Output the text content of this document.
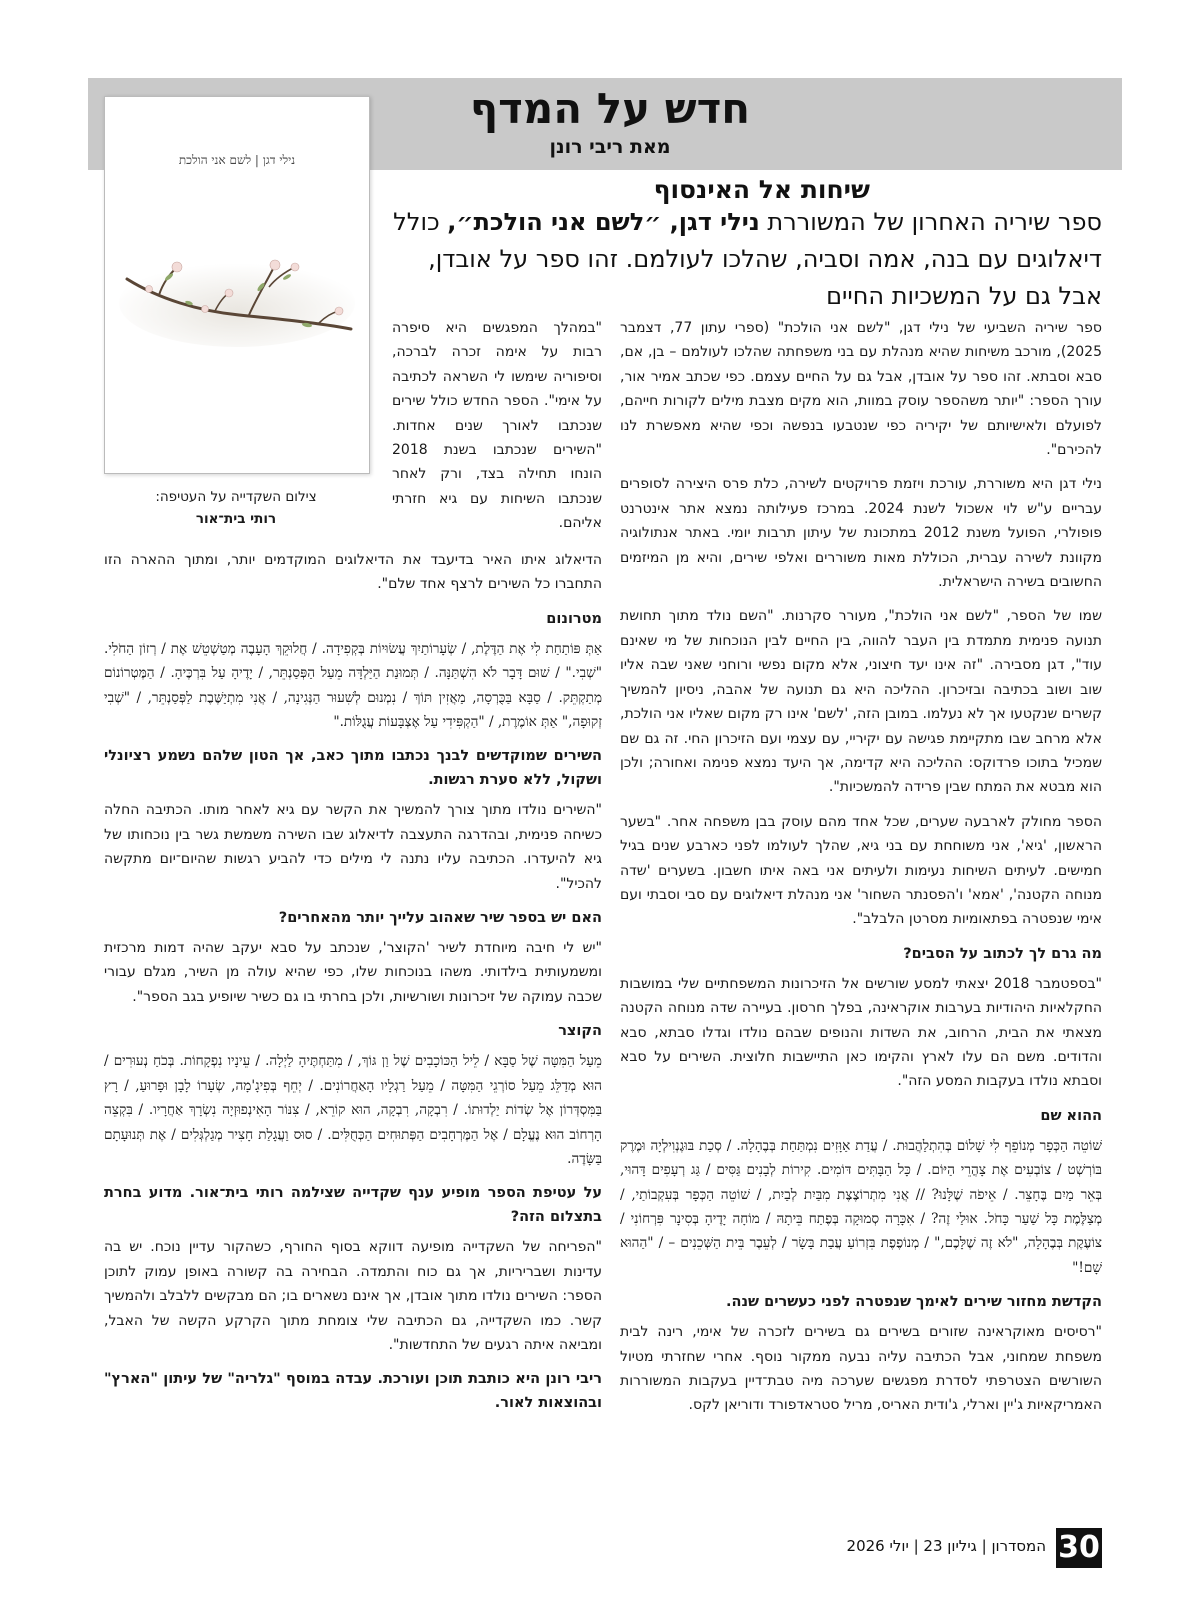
חדש על המדף
מאת ריבי רונן
נילי דגן | לשם אני הולכת
צילום השקדייה על העטיפה:
רותי בית־אור
שיחות אל האינסוף

ספר שיריה האחרון של המשוררת נילי דגן, ״לשם אני הולכת״, כולל דיאלוגים עם בנה, אמה וסביה, שהלכו לעולמם. זהו ספר על אובדן, אבל גם על המשכיות החיים

ספר שיריה השביעי של נילי דגן, "לשם אני הולכת" (ספרי עתון 77, דצמבר 2025), מורכב משיחות שהיא מנהלת עם בני משפחתה שהלכו לעולמם – בן, אם, סבא וסבתא. זהו ספר על אובדן, אבל גם על החיים עצמם. כפי שכתב אמיר אור, עורך הספר: "יותר משהספר עוסק במוות, הוא מקים מצבת מילים לקורות חייהם, לפועלם ולאישיותם של יקיריה כפי שנטבעו בנפשה וכפי שהיא מאפשרת לנו להכירם".

נילי דגן היא משוררת, עורכת ויזמת פרויקטים לשירה, כלת פרס היצירה לסופרים עבריים ע"ש לוי אשכול לשנת 2024. במרכז פעילותה נמצא אתר אינטרנט פופולרי, הפועל משנת 2012 במתכונת של עיתון תרבות יומי. באתר אנתולוגיה מקוונת לשירה עברית, הכוללת מאות משוררים ואלפי שירים, והיא מן המיזמים החשובים בשירה הישראלית.

שמו של הספר, "לשם אני הולכת", מעורר סקרנות. "השם נולד מתוך תחושת תנועה פנימית מתמדת בין העבר להווה, בין החיים לבין הנוכחות של מי שאינם עוד", דגן מסבירה. "זה אינו יעד חיצוני, אלא מקום נפשי ורוחני שאני שבה אליו שוב ושוב בכתיבה ובזיכרון. ההליכה היא גם תנועה של אהבה, ניסיון להמשיך קשרים שנקטעו אך לא נעלמו. במובן הזה, 'לשם' אינו רק מקום שאליו אני הולכת, אלא מרחב שבו מתקיימת פגישה עם יקיריי, עם עצמי ועם הזיכרון החי. זה גם שם שמכיל בתוכו פרדוקס: ההליכה היא קדימה, אך היעד נמצא פנימה ואחורה; ולכן הוא מבטא את המתח שבין פרידה להמשכיות".

הספר מחולק לארבעה שערים, שכל אחד מהם עוסק בבן משפחה אחר. "בשער הראשון, 'גיא', אני משוחחת עם בני גיא, שהלך לעולמו לפני כארבע שנים בגיל חמישים. לעיתים השיחות נעימות ולעיתים אני באה איתו חשבון. בשערים 'שדה מנוחה הקטנה', 'אמא' ו'הפסנתר השחור' אני מנהלת דיאלוגים עם סבי וסבתי ועם אימי שנפטרה בפתאומיות מסרטן הלבלב".

מה גרם לך לכתוב על הסבים?

"בספטמבר 2018 יצאתי למסע שורשים אל הזיכרונות המשפחתיים שלי במושבות החקלאיות היהודיות בערבות אוקראינה, בפלך חרסון. בעיירה שדה מנוחה הקטנה מצאתי את הבית, הרחוב, את השדות והנופים שבהם נולדו וגדלו סבתא, סבא והדודים. משם הם עלו לארץ והקימו כאן התיישבות חלוצית. השירים על סבא וסבתא נולדו בעקבות המסע הזה".

ההוא שם

שׁוֹטֵה הַכְּפָר מְנוֹפֵף לִי שָׁלוֹם בְּהִתְלַהֲבוּת. / עֲדַת אַוָּזִים נִמְתַּחַת בְּבֶהָלָה. / סְכַת בּוּגֶנְוִילְיָה וּמֶרֶק בּוֹרְשְׁט / צוֹבְעִים אֶת צָהֳרֵי הַיּוֹם. / כָּל הַבָּתִּים דּוֹמִים. קִירוֹת לְבָנִים גַּסִּים / גַּג רְעָפִים דָּהוּי, בְּאֵר מַיִם בֶּחָצֵר. / אֵיפֹה שֶׁלָּנוּ? // אֲנִי מִתְרוֹצֶצֶת מִבַּיִת לְבַיִת, / שׁוֹטֵה הַכְּפָר בְּעִקְבוֹתַי, / מְצַלֶּמֶת כָּל שַׁעַר כָּחֹל. אוּלַי זֶה? / אִכָּרָה סְמוּקָה בְּפֶתַח בֵּיתָהּ / מוֹחָה יָדֶיהָ בְּסִינָר פִּרְחוֹנִי / צוֹעֶקֶת בְּבֶהָלָה, "לֹא זֶה שֶׁלָּכֶם," / מְנוֹפֶפֶת בִּזְרוֹעַ עֲבַת בָּשָׂר / לְעֵבֶר בֵּית הַשְּׁכֵנִים – / "הַהוּא שָׁם!"

הקדשת מחזור שירים לאימך שנפטרה לפני כעשרים שנה.

"רסיסים מאוקראינה שזורים בשירים גם בשירים לזכרה של אימי, רינה לבית משפחת שמחוני, אבל הכתיבה עליה נבעה ממקור נוסף. אחרי שחזרתי מטיול השורשים הצטרפתי לסדרת מפגשים שערכה מיה טבת־דיין בעקבות המשוררות האמריקאיות ג'יין וארלי, ג'ודית האריס, מריל סטראדפורד ודוריאן לקס.

"במהלך המפגשים היא סיפרה רבות על אימה זכרה לברכה, וסיפוריה שימשו לי השראה לכתיבה על אימי". הספר החדש כולל שירים שנכתבו לאורך שנים אחדות. "השירים שנכתבו בשנת 2018 הונחו תחילה בצד, ורק לאחר שנכתבו השיחות עם גיא חזרתי אליהם.

הדיאלוג איתו האיר בדיעבד את הדיאלוגים המוקדמים יותר, ומתוך ההארה הזו התחברו כל השירים לרצף אחד שלם".

מטרונום

אַתְּ פּוֹתַחַת לִי אֶת הַדֶּלֶת, / שְׂעָרוֹתַיִךְ עֲשׂוּיוֹת בְּקְפִידָה. / חֲלוּקֵךְ הָעָבֶה מְטַשְׁטֵשׁ אֶת / רְזוֹן הַחֹלִי. "שְׁבִי." / שׁוּם דָּבָר לֹא הִשְׁתַּנָּה. / תְּמוּנַת הַיַּלְדָּה מֵעַל הַפְּסַנְתֵּר, / יָדֶיהָ עַל בִּרְכֶּיהָ. / הַמֶּטְרוֹנוֹם מְתַקְתֵּק. / סַבָּא בַּכֻּרְסָה, מַאֲזִין תּוֹךְ / נִמְנוּם לְשִׁעוּר הַנְּגִינָה, / אֲנִי מִתְיַשֶּׁבֶת לַפְּסַנְתֵּר, / "שְׁבִי זְקוּפָה," אַתְּ אוֹמֶרֶת, / "הַקְפִּידִי עַל אֶצְבָּעוֹת עֲגֻלּוֹת."

השירים שמוקדשים לבנך נכתבו מתוך כאב, אך הטון שלהם נשמע רציונלי ושקול, ללא סערת רגשות.

"השירים נולדו מתוך צורך להמשיך את הקשר עם גיא לאחר מותו. הכתיבה החלה כשיחה פנימית, ובהדרגה התעצבה לדיאלוג שבו השירה משמשת גשר בין נוכחותו של גיא להיעדרו. הכתיבה עליו נתנה לי מילים כדי להביע רגשות שהיום־יום מתקשה להכיל".

האם יש בספר שיר שאהוב עלייך יותר מהאחרים?

"יש לי חיבה מיוחדת לשיר 'הקוצר', שנכתב על סבא יעקב שהיה דמות מרכזית ומשמעותית בילדותי. משהו בנוכחות שלו, כפי שהיא עולה מן השיר, מגלם עבורי שכבה עמוקה של זיכרונות ושורשיות, ולכן בחרתי בו גם כשיר שיופיע בגב הספר".

הקוצר

מֵעַל הַמִּטָּה שֶׁל סַבָּא / לֵיל הַכּוֹכָבִים שֶׁל וַן גּוֹךְ, / מִתַּחְתֶּיהָ לַיְלָה. / עֵינָיו נִפְקָחוֹת. בְּכֹחַ נְעוּרִים / הוּא מְדַלֵּג מֵעַל סוֹרְגֵי הַמִּטָּה / מֵעַל רַגְלָיו הָאַחֲרוֹנִים. / יְחֵף בְּפִיגָ'מָה, שְׂעָרוֹ לָבָן וּפָרוּעַ, / רָץ בַּמִּסְדְּרוֹן אֶל שְׂדוֹת יַלְדוּתוֹ. / רִבְקָה, רִבְקָה, הוּא קוֹרֵא, / צִנּוֹר הָאִינְפוּזְיָה נִשְׂרָךְ אַחֲרָיו. / בִּקְצֵה הָרְחוֹב הוּא נֶעֱלָם / אֶל הַמֶּרְחָבִים הַפְּתוּחִים הַכְּחֻלִּים. / סוּס וַעֲגָלַת חָצִיר מְגַלְגְּלִים / אֶת תְּנוּעָתָם בַּשָּׂדֶה.

על עטיפת הספר מופיע ענף שקדייה שצילמה רותי בית־אור. מדוע בחרת בתצלום הזה?

"הפריחה של השקדייה מופיעה דווקא בסוף החורף, כשהקור עדיין נוכח. יש בה עדינות ושבריריות, אך גם כוח והתמדה. הבחירה בה קשורה באופן עמוק לתוכן הספר: השירים נולדו מתוך אובדן, אך אינם נשארים בו; הם מבקשים ללבלב ולהמשיך קשר. כמו השקדייה, גם הכתיבה שלי צומחת מתוך הקרקע הקשה של האבל, ומביאה איתה רגעים של התחדשות".

ריבי רונן היא כותבת תוכן ועורכת. עבדה במוסף "גלריה" של עיתון "הארץ" ובהוצאות לאור.
30
המסדרון | גיליון 23 | יולי 2026
